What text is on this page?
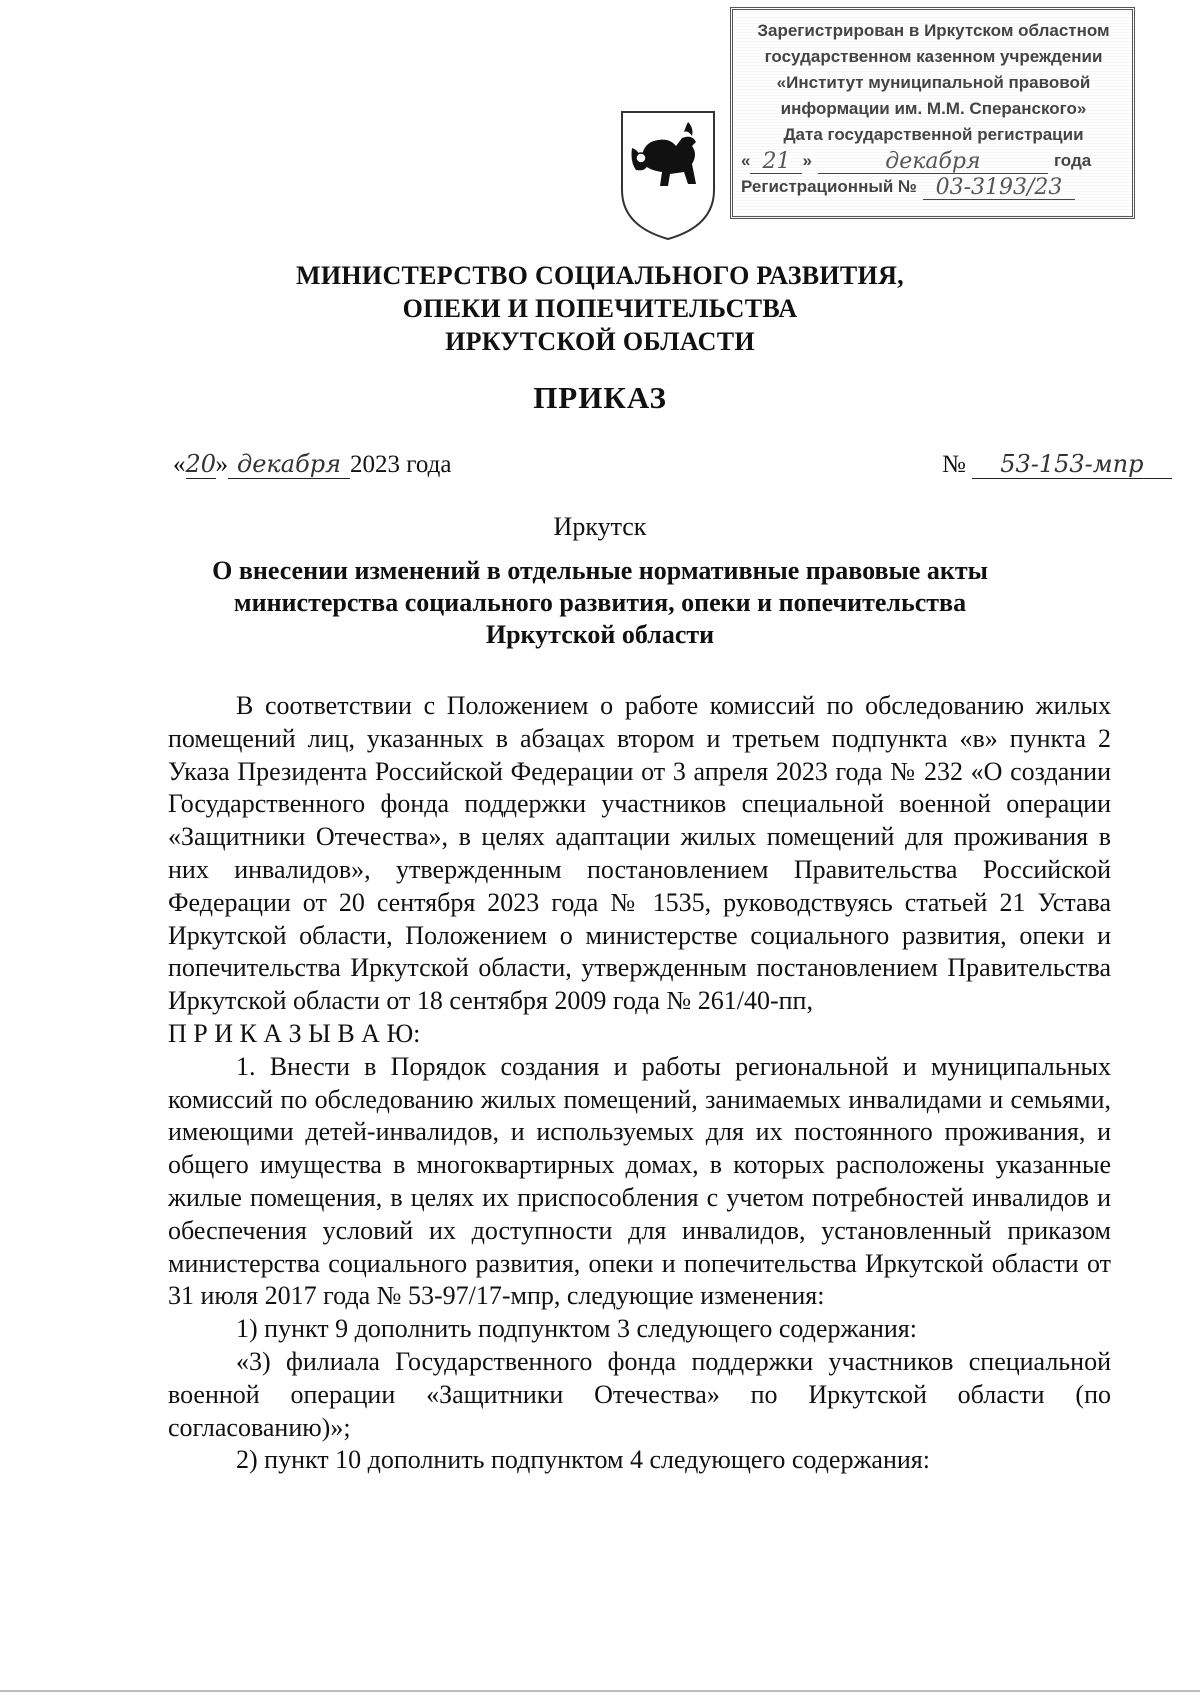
Зарегистрирован в Иркутском областном
государственном казенном учреждении
«Институт муниципальной правовой
информации им. М.М. Сперанского»
Дата государственной регистрации
« 21 »	декабря	года
Регистрационный № 03-3193/23
МИНИСТЕРСТВО СОЦИАЛЬНОГО РАЗВИТИЯ,
ОПЕКИ И ПОПЕЧИТЕЛЬСТВА
ИРКУТСКОЙ ОБЛАСТИ
ПРИКАЗ
« 20 » декабря 2023 года	№	53-153-мпр
Иркутск
О внесении изменений в отдельные нормативные правовые акты
министерства социального развития, опеки и попечительства
Иркутской области

В соответствии с Положением о работе комиссий по обследованию жилых помещений лиц, указанных в абзацах втором и третьем подпункта «в» пункта 2 Указа Президента Российской Федерации от 3 апреля 2023 года № 232 «О создании Государственного фонда поддержки участников специальной военной операции «Защитники Отечества», в целях адаптации жилых помещений для проживания в них инвалидов», утвержденным постановлением Правительства Российской Федерации от 20 сентября 2023 года № 1535, руководствуясь статьей 21 Устава Иркутской области, Положением о министерстве социального развития, опеки и попечительства Иркутской области, утвержденным постановлением Правительства Иркутской области от 18 сентября 2009 года № 261/40-пп,

П Р И К А З Ы В А Ю:

1. Внести в Порядок создания и работы региональной и муниципальных комиссий по обследованию жилых помещений, занимаемых инвалидами и семьями, имеющими детей-инвалидов, и используемых для их постоянного проживания, и общего имущества в многоквартирных домах, в которых расположены указанные жилые помещения, в целях их приспособления с учетом потребностей инвалидов и обеспечения условий их доступности для инвалидов, установленный приказом министерства социального развития, опеки и попечительства Иркутской области от 31 июля 2017 года № 53-97/17-мпр, следующие изменения:

1) пункт 9 дополнить подпунктом 3 следующего содержания:

«3) филиала Государственного фонда поддержки участников специальной военной операции «Защитники Отечества» по Иркутской области (по согласованию)»;

2) пункт 10 дополнить подпунктом 4 следующего содержания:
